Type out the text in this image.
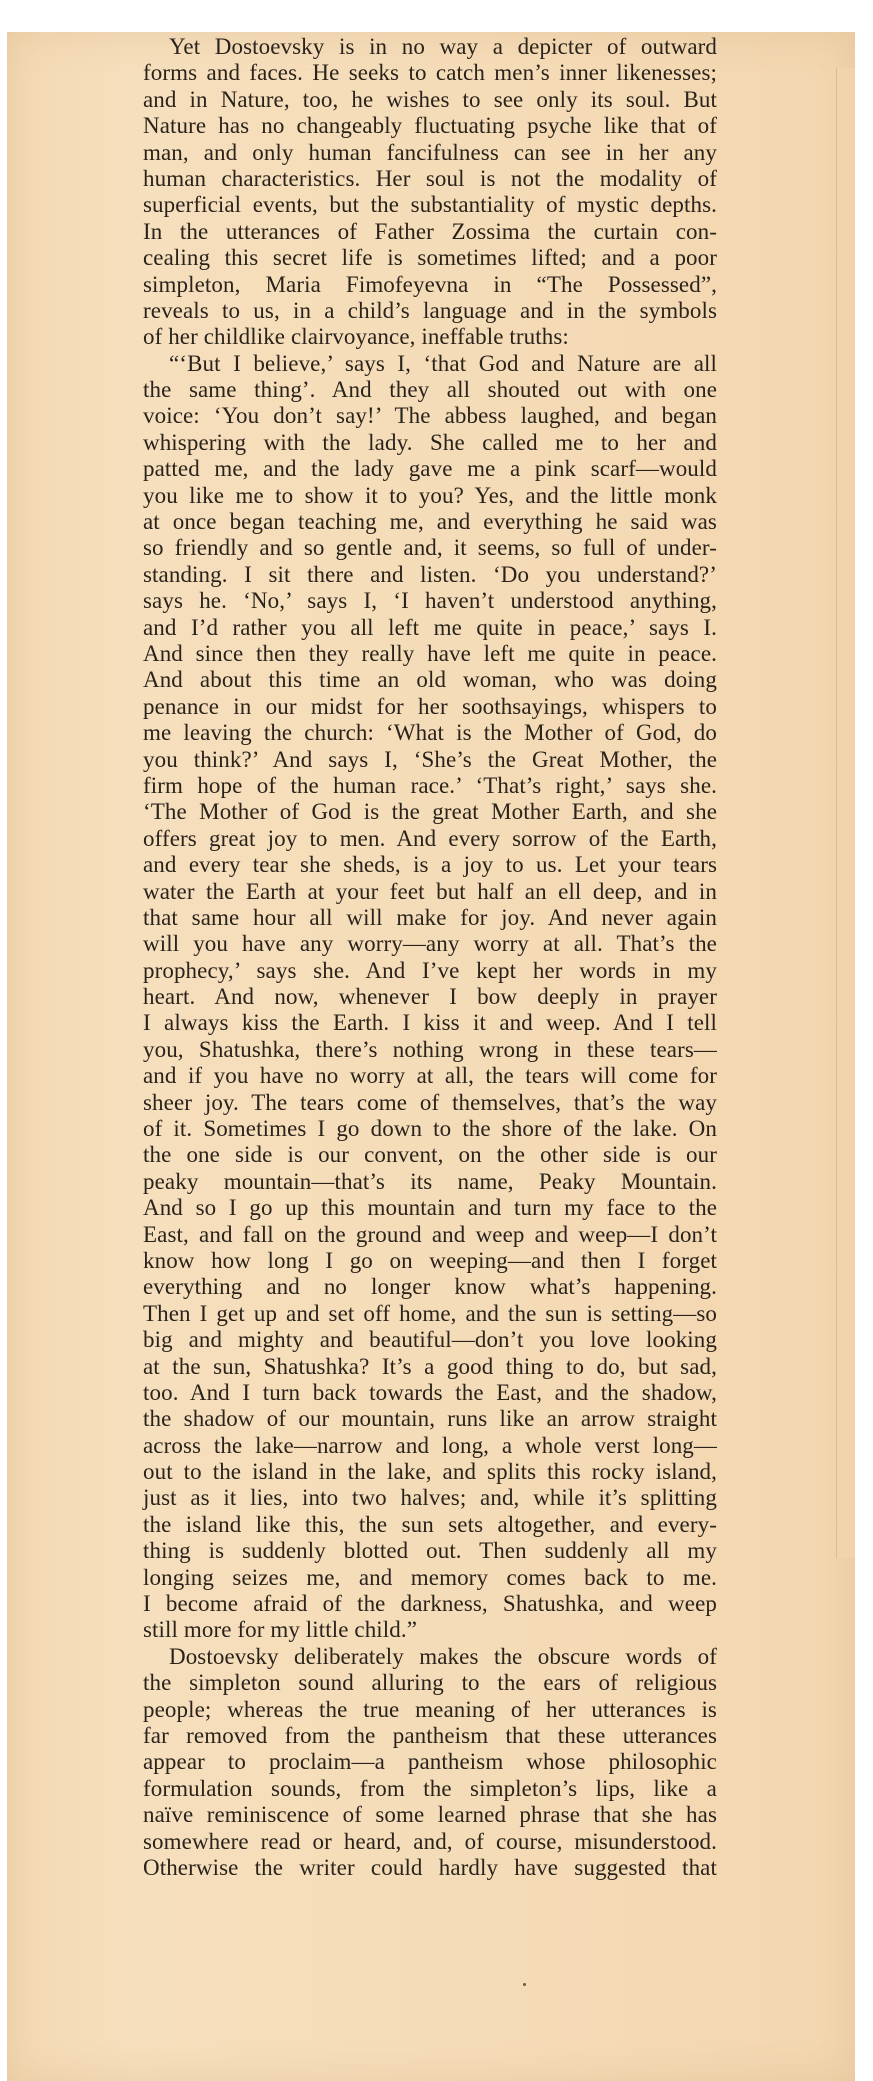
Yet Dostoevsky is in no way a depicter of outward
forms and faces. He seeks to catch men’s inner likenesses;
and in Nature, too, he wishes to see only its soul. But
Nature has no changeably fluctuating psyche like that of
man, and only human fancifulness can see in her any
human characteristics. Her soul is not the modality of
superficial events, but the substantiality of mystic depths.
In the utterances of Father Zossima the curtain con-
cealing this secret life is sometimes lifted; and a poor
simpleton, Maria Fimofeyevna in “The Possessed”,
reveals to us, in a child’s language and in the symbols
of her childlike clairvoyance, ineffable truths:
“‘But I believe,’ says I, ‘that God and Nature are all
the same thing’. And they all shouted out with one
voice: ‘You don’t say!’ The abbess laughed, and began
whispering with the lady. She called me to her and
patted me, and the lady gave me a pink scarf—would
you like me to show it to you? Yes, and the little monk
at once began teaching me, and everything he said was
so friendly and so gentle and, it seems, so full of under-
standing. I sit there and listen. ‘Do you understand?’
says he. ‘No,’ says I, ‘I haven’t understood anything,
and I’d rather you all left me quite in peace,’ says I.
And since then they really have left me quite in peace.
And about this time an old woman, who was doing
penance in our midst for her soothsayings, whispers to
me leaving the church: ‘What is the Mother of God, do
you think?’ And says I, ‘She’s the Great Mother, the
firm hope of the human race.’ ‘That’s right,’ says she.
‘The Mother of God is the great Mother Earth, and she
offers great joy to men. And every sorrow of the Earth,
and every tear she sheds, is a joy to us. Let your tears
water the Earth at your feet but half an ell deep, and in
that same hour all will make for joy. And never again
will you have any worry—any worry at all. That’s the
prophecy,’ says she. And I’ve kept her words in my
heart. And now, whenever I bow deeply in prayer
I always kiss the Earth. I kiss it and weep. And I tell
you, Shatushka, there’s nothing wrong in these tears—
and if you have no worry at all, the tears will come for
sheer joy. The tears come of themselves, that’s the way
of it. Sometimes I go down to the shore of the lake. On
the one side is our convent, on the other side is our
peaky mountain—that’s its name, Peaky Mountain.
And so I go up this mountain and turn my face to the
East, and fall on the ground and weep and weep—I don’t
know how long I go on weeping—and then I forget
everything and no longer know what’s happening.
Then I get up and set off home, and the sun is setting—so
big and mighty and beautiful—don’t you love looking
at the sun, Shatushka? It’s a good thing to do, but sad,
too. And I turn back towards the East, and the shadow,
the shadow of our mountain, runs like an arrow straight
across the lake—narrow and long, a whole verst long—
out to the island in the lake, and splits this rocky island,
just as it lies, into two halves; and, while it’s splitting
the island like this, the sun sets altogether, and every-
thing is suddenly blotted out. Then suddenly all my
longing seizes me, and memory comes back to me.
I become afraid of the darkness, Shatushka, and weep
still more for my little child.”
Dostoevsky deliberately makes the obscure words of
the simpleton sound alluring to the ears of religious
people; whereas the true meaning of her utterances is
far removed from the pantheism that these utterances
appear to proclaim—a pantheism whose philosophic
formulation sounds, from the simpleton’s lips, like a
naïve reminiscence of some learned phrase that she has
somewhere read or heard, and, of course, misunderstood.
Otherwise the writer could hardly have suggested that
